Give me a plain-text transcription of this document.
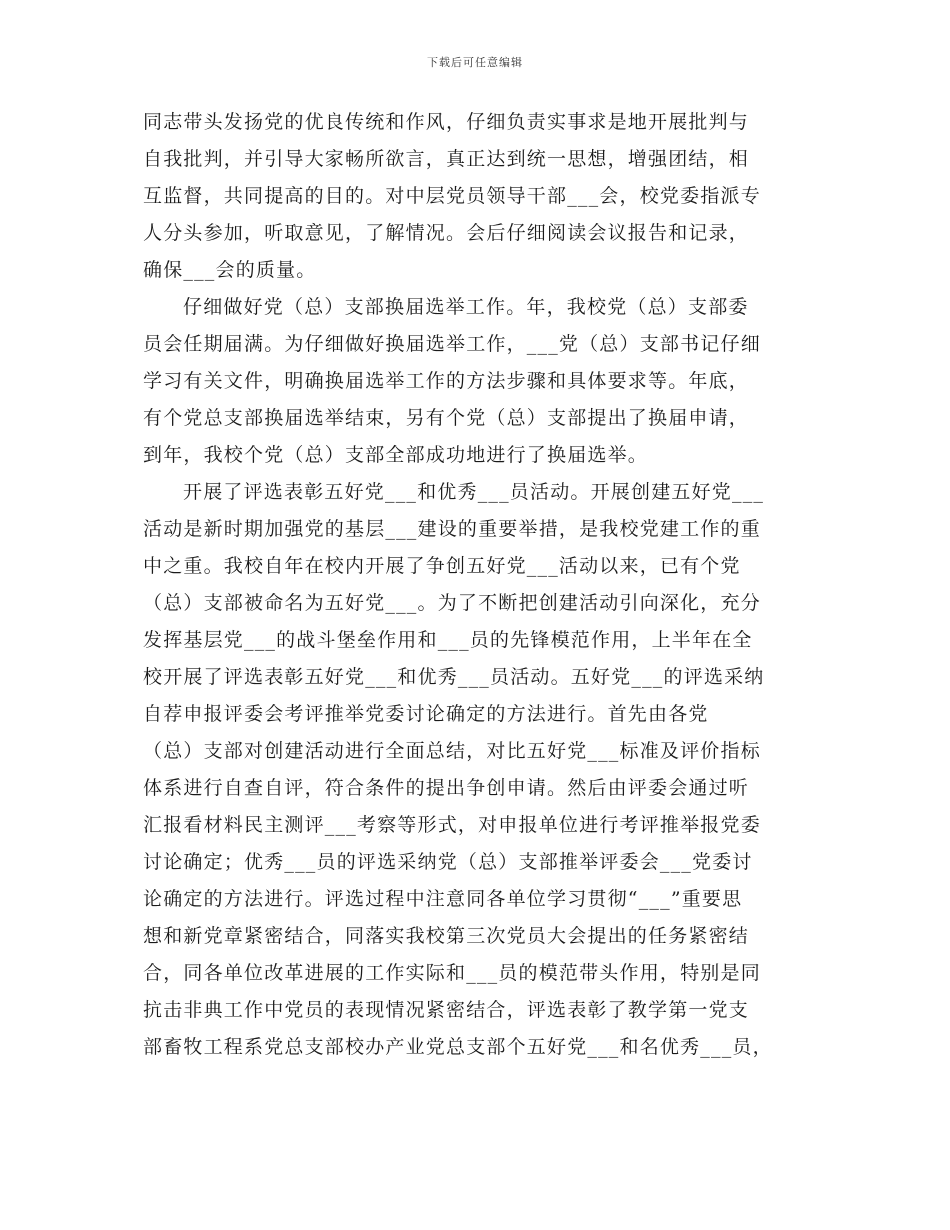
下载后可任意编辑
同志带头发扬党的优良传统和作风，仔细负责实事求是地开展批判与
自我批判，并引导大家畅所欲言，真正达到统一思想，增强团结，相
互监督，共同提高的目的。对中层党员领导干部___会，校党委指派专
人分头参加，听取意见，了解情况。会后仔细阅读会议报告和记录，
确保___会的质量。
仔细做好党（总）支部换届选举工作。年，我校党（总）支部委
员会任期届满。为仔细做好换届选举工作，___党（总）支部书记仔细
学习有关文件，明确换届选举工作的方法步骤和具体要求等。年底，
有个党总支部换届选举结束，另有个党（总）支部提出了换届申请，
到年，我校个党（总）支部全部成功地进行了换届选举。
开展了评选表彰五好党___和优秀___员活动。开展创建五好党___
活动是新时期加强党的基层___建设的重要举措，是我校党建工作的重
中之重。我校自年在校内开展了争创五好党___活动以来，已有个党
（总）支部被命名为五好党___。为了不断把创建活动引向深化，充分
发挥基层党___的战斗堡垒作用和___员的先锋模范作用，上半年在全
校开展了评选表彰五好党___和优秀___员活动。五好党___的评选采纳
自荐申报评委会考评推举党委讨论确定的方法进行。首先由各党
（总）支部对创建活动进行全面总结，对比五好党___标准及评价指标
体系进行自查自评，符合条件的提出争创申请。然后由评委会通过听
汇报看材料民主测评___考察等形式，对申报单位进行考评推举报党委
讨论确定；优秀___员的评选采纳党（总）支部推举评委会___党委讨
论确定的方法进行。评选过程中注意同各单位学习贯彻“___”重要思
想和新党章紧密结合，同落实我校第三次党员大会提出的任务紧密结
合，同各单位改革进展的工作实际和___员的模范带头作用，特别是同
抗击非典工作中党员的表现情况紧密结合，评选表彰了教学第一党支
部畜牧工程系党总支部校办产业党总支部个五好党___和名优秀___员，
